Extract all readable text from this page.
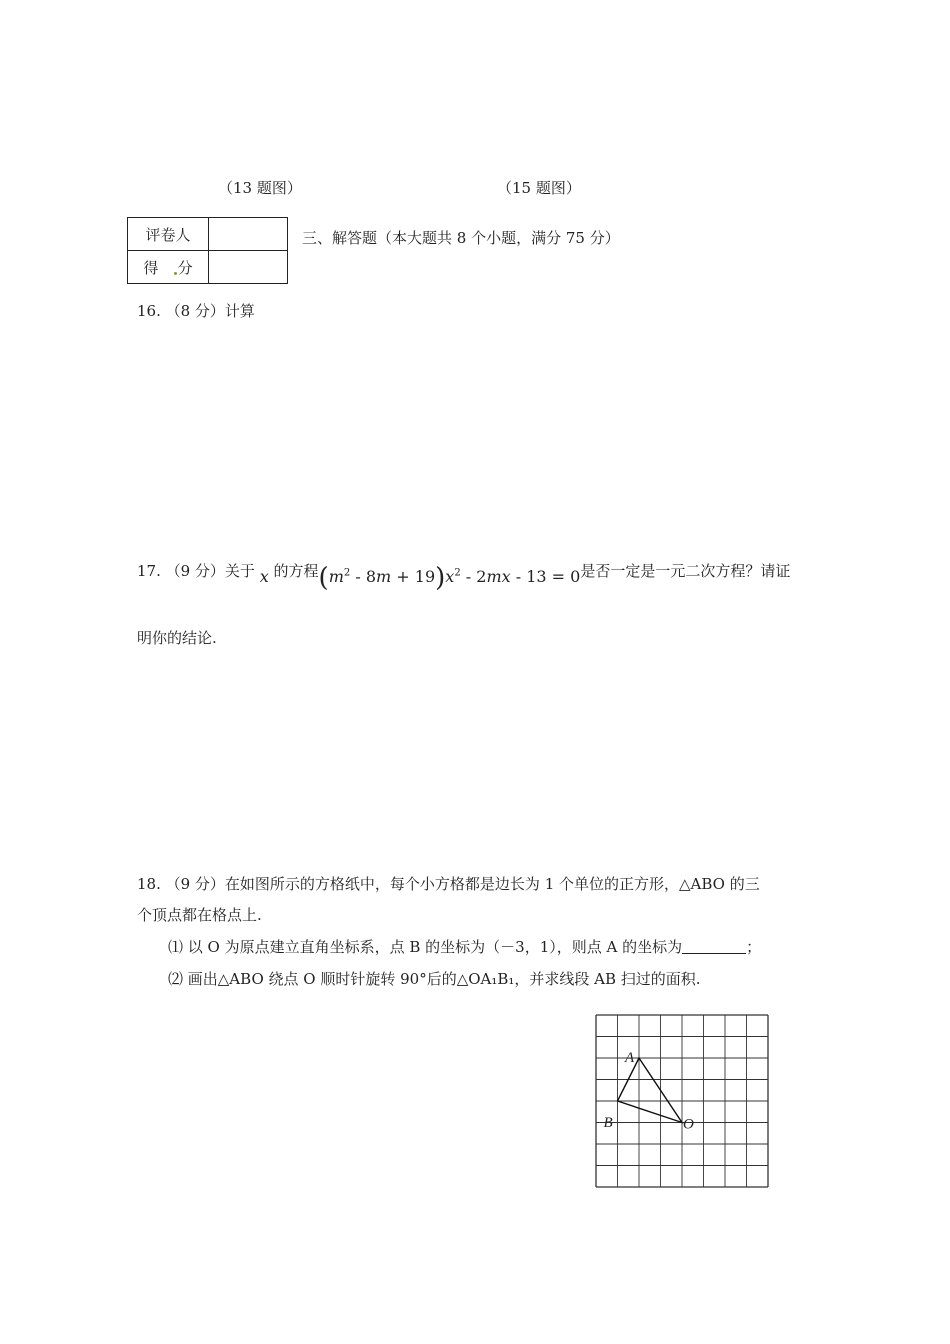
（13 题图）	（15 题图）
评卷人	
得 分	
三、解答题（本大题共 8 个小题，满分 75 分）
16. （8 分）计算
17. （9 分）关于 x 的方程$(m^2 - 8m + 19)x^2 - 2mx - 13 = 0$是否一定是一元二次方程？请证
明你的结论.
18. （9 分）在如图所示的方格纸中，每个小方格都是边长为 1 个单位的正方形，△ABO 的三
个顶点都在格点上.
⑴ 以 O 为原点建立直角坐标系，点 B 的坐标为（－3，1），则点 A 的坐标为	；
⑵ 画出△ABO 绕点 O 顺时针旋转 90°后的△OA₁B₁，并求线段 AB 扫过的面积.
A
B	O
